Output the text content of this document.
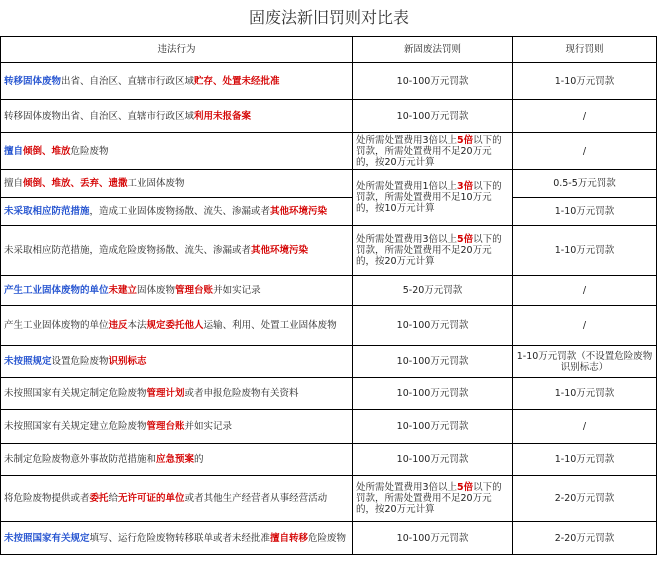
固废法新旧罚则对比表
违法行为	新固废法罚则	现行罚则
转移固体废物出省、自治区、直辖市行政区域贮存、处置未经批准	10-100万元罚款	1-10万元罚款
转移固体废物出省、自治区、直辖市行政区域利用未报备案	10-100万元罚款	/
擅自倾倒、堆放危险废物	处所需处置费用3倍以上5倍以下的罚款，所需处置费用不足20万元的，按20万元计算	/
擅自倾倒、堆放、丢弃、遗撒工业固体废物	处所需处置费用1倍以上3倍以下的罚款，所需处置费用不足10万元的，按10万元计算	0.5-5万元罚款
未采取相应防范措施，造成工业固体废物扬散、流失、渗漏或者其他环境污染		1-10万元罚款
未采取相应防范措施，造成危险废物扬散、流失、渗漏或者其他环境污染	处所需处置费用3倍以上5倍以下的罚款，所需处置费用不足20万元的，按20万元计算	1-10万元罚款
产生工业固体废物的单位未建立固体废物管理台账并如实记录	5-20万元罚款	/
产生工业固体废物的单位违反本法规定委托他人运输、利用、处置工业固体废物	10-100万元罚款	/
未按照规定设置危险废物识别标志	10-100万元罚款	1-10万元罚款（不设置危险废物识别标志）
未按照国家有关规定制定危险废物管理计划或者申报危险废物有关资料	10-100万元罚款	1-10万元罚款
未按照国家有关规定建立危险废物管理台账并如实记录	10-100万元罚款	/
未制定危险废物意外事故防范措施和应急预案的	10-100万元罚款	1-10万元罚款
将危险废物提供或者委托给无许可证的单位或者其他生产经营者从事经营活动	处所需处置费用3倍以上5倍以下的罚款，所需处置费用不足20万元的，按20万元计算	2-20万元罚款
未按照国家有关规定填写、运行危险废物转移联单或者未经批准擅自转移危险废物	10-100万元罚款	2-20万元罚款
